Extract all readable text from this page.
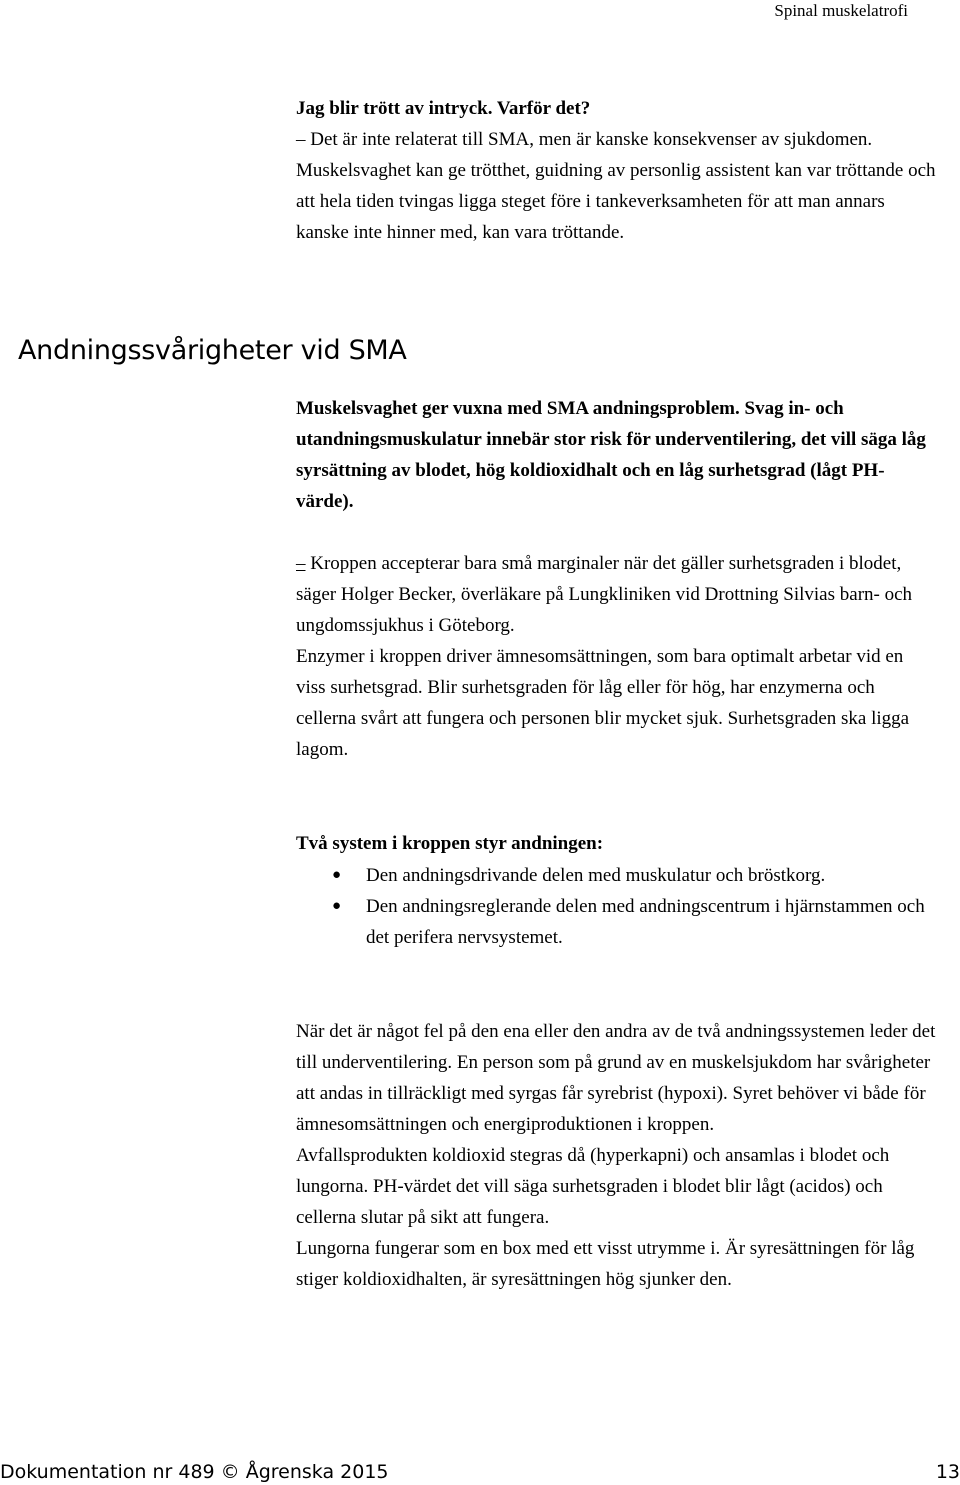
Spinal muskelatrofi

Jag blir trött av intryck. Varför det?

– Det är inte relaterat till SMA, men är kanske konsekvenser av sjukdomen. Muskelsvaghet kan ge trötthet, guidning av personlig assistent kan var tröttande och att hela tiden tvingas ligga steget före i tankeverksamheten för att man annars kanske inte hinner med, kan vara tröttande.

Andningssvårigheter vid SMA

Muskelsvaghet ger vuxna med SMA andningsproblem. Svag in- och utandningsmuskulatur innebär stor risk för underventilering, det vill säga låg syrsättning av blodet, hög koldioxidhalt och en låg surhetsgrad (lågt PH-värde).

– Kroppen accepterar bara små marginaler när det gäller surhetsgraden i blodet, säger Holger Becker, överläkare på Lungkliniken vid Drottning Silvias barn- och ungdomssjukhus i Göteborg.

Enzymer i kroppen driver ämnesomsättningen, som bara optimalt arbetar vid en viss surhetsgrad. Blir surhetsgraden för låg eller för hög, har enzymerna och cellerna svårt att fungera och personen blir mycket sjuk. Surhetsgraden ska ligga lagom.

Två system i kroppen styr andningen:

● Den andningsdrivande delen med muskulatur och bröstkorg.
● Den andningsreglerande delen med andningscentrum i hjärnstammen och det perifera nervsystemet.

När det är något fel på den ena eller den andra av de två andningssystemen leder det till underventilering. En person som på grund av en muskelsjukdom har svårigheter att andas in tillräckligt med syrgas får syrebrist (hypoxi). Syret behöver vi både för ämnesomsättningen och energiproduktionen i kroppen.

Avfallsprodukten koldioxid stegras då (hyperkapni) och ansamlas i blodet och lungorna. PH-värdet det vill säga surhetsgraden i blodet blir lågt (acidos) och cellerna slutar på sikt att fungera.

Lungorna fungerar som en box med ett visst utrymme i. Är syresättningen för låg stiger koldioxidhalten, är syresättningen hög sjunker den.

Dokumentation nr 489 © Ågrenska 2015	13
